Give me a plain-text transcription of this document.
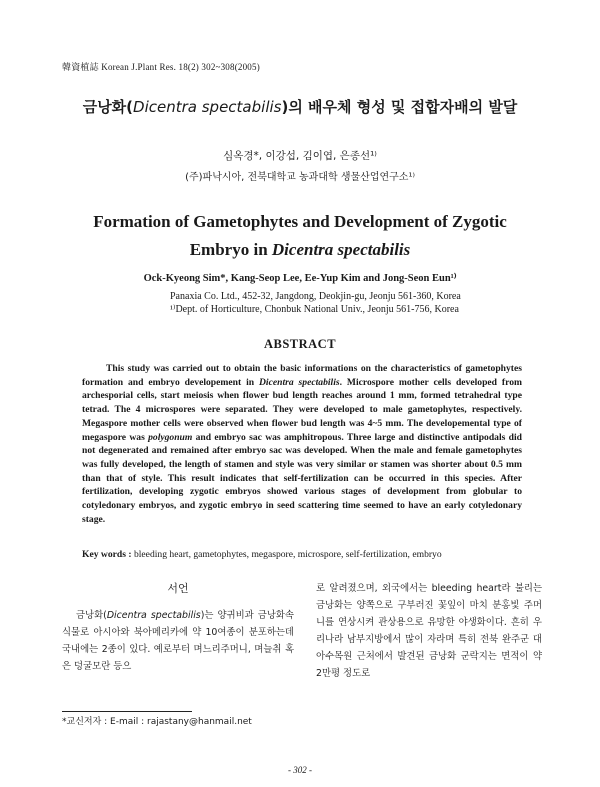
韓資植誌 Korean J.Plant Res. 18(2) 302~308(2005)
금낭화(Dicentra spectabilis)의 배우체 형성 및 접합자배의 발달
심옥경*, 이강섭, 김이엽, 은종선¹⁾
(주)파낙시아, 전북대학교 농과대학 생물산업연구소¹⁾
Formation of Gametophytes and Development of Zygotic
Embryo in Dicentra spectabilis
Ock-Kyeong Sim*, Kang-Seop Lee, Ee-Yup Kim and Jong-Seon Eun¹⁾
Panaxia Co. Ltd., 452-32, Jangdong, Deokjin-gu, Jeonju 561-360, Korea
¹⁾Dept. of Horticulture, Chonbuk National Univ., Jeonju 561-756, Korea
ABSTRACT
This study was carried out to obtain the basic informations on the characteristics of gametophytes formation and embryo developement in Dicentra spectabilis. Microspore mother cells developed from archesporial cells, start meiosis when flower bud length reaches around 1 mm, formed tetrahedral type tetrad. The 4 microspores were separated. They were developed to male gametophytes, respectively. Megaspore mother cells were observed when flower bud length was 4~5 mm. The developemental type of megaspore was polygonum and embryo sac was amphitropous. Three large and distinctive antipodals did not degenerated and remained after embryo sac was developed. When the male and female gametophytes was fully developed, the length of stamen and style was very similar or stamen was shorter about 0.5 mm than that of style. This result indicates that self-fertilization can be occurred in this species. After fertilization, developing zygotic embryos showed various stages of development from globular to cotyledonary embryos, and zygotic embryo in seed scattering time seemed to have an early cotyledonary stage.
Key words : bleeding heart, gametophytes, megaspore, microspore, self-fertilization, embryo
서언
금낭화(Dicentra spectabilis)는 양귀비과 금낭화속 식물로 아시아와 북아메리카에 약 10여종이 분포하는데 국내에는 2종이 있다. 예로부터 며느리주머니, 며늘취 혹은 덩굴모란 등으
로 알려졌으며, 외국에서는 bleeding heart라 불리는 금낭화는 양쪽으로 구부러진 꽃잎이 마치 분홍빛 주머니를 연상시켜 관상용으로 유망한 야생화이다. 흔히 우리나라 남부지방에서 많이 자라며 특히 전북 완주군 대아수목원 근처에서 발견된 금낭화 군락지는 면적이 약 2만평 정도로
*교신저자 : E-mail : rajastany@hanmail.net
- 302 -
